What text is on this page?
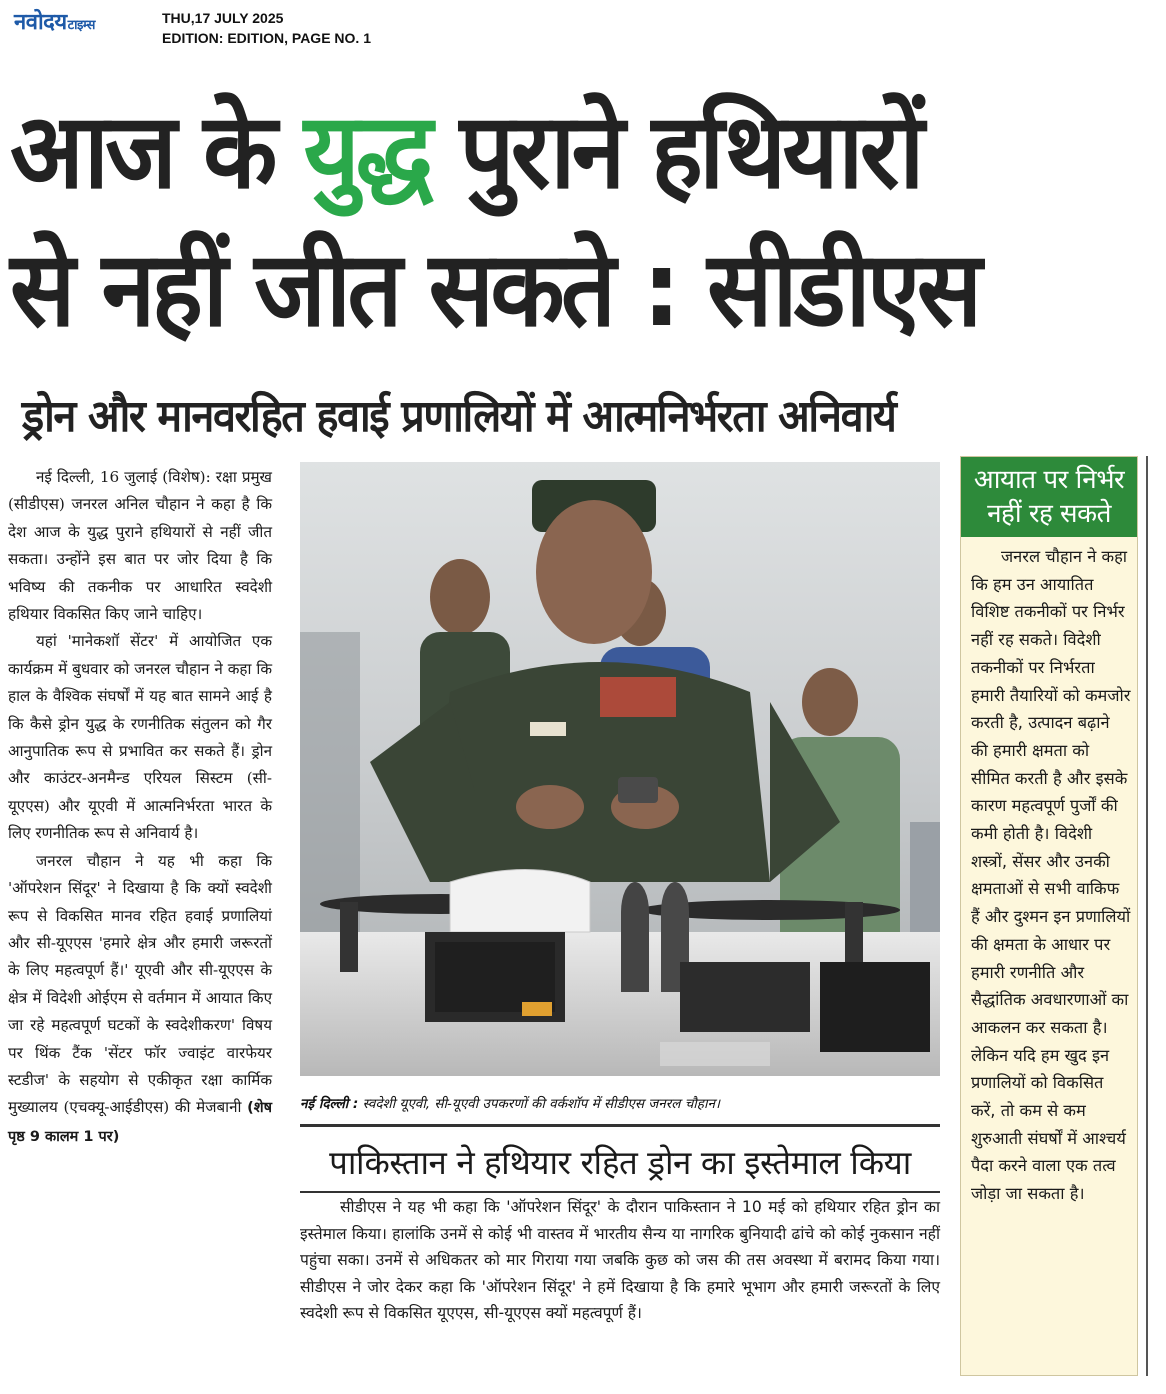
नवोदयटाइम्स	THU,17 JULY 2025
EDITION: EDITION, PAGE NO. 1
आज के युद्ध पुराने हथियारों
से नहीं जीत सकते : सीडीएस
ड्रोन और मानवरहित हवाई प्रणालियों में आत्मनिर्भरता अनिवार्य

नई दिल्ली, 16 जुलाई (विशेष): रक्षा प्रमुख (सीडीएस) जनरल अनिल चौहान ने कहा है कि देश आज के युद्ध पुराने हथियारों से नहीं जीत सकता। उन्होंने इस बात पर जोर दिया है कि भविष्य की तकनीक पर आधारित स्वदेशी हथियार विकसित किए जाने चाहिए।

यहां 'मानेकशॉ सेंटर' में आयोजित एक कार्यक्रम में बुधवार को जनरल चौहान ने कहा कि हाल के वैश्विक संघर्षों में यह बात सामने आई है कि कैसे ड्रोन युद्ध के रणनीतिक संतुलन को गैर आनुपातिक रूप से प्रभावित कर सकते हैं। ड्रोन और काउंटर-अनमैन्ड एरियल सिस्टम (सी-यूएएस) और यूएवी में आत्मनिर्भरता भारत के लिए रणनीतिक रूप से अनिवार्य है।

जनरल चौहान ने यह भी कहा कि 'ऑपरेशन सिंदूर' ने दिखाया है कि क्यों स्वदेशी रूप से विकसित मानव रहित हवाई प्रणालियां और सी-यूएएस 'हमारे क्षेत्र और हमारी जरूरतों के लिए महत्वपूर्ण हैं।' यूएवी और सी-यूएएस के क्षेत्र में विदेशी ओईएम से वर्तमान में आयात किए जा रहे महत्वपूर्ण घटकों के स्वदेशीकरण' विषय पर थिंक टैंक 'सेंटर फॉर ज्वाइंट वारफेयर स्टडीज' के सहयोग से एकीकृत रक्षा कार्मिक मुख्यालय (एचक्यू-आईडीएस) की मेजबानी (शेष पृष्ठ 9 कालम 1 पर)

नई दिल्ली : स्वदेशी यूएवी, सी-यूएवी उपकरणों की वर्कशॉप में सीडीएस जनरल चौहान।
पाकिस्तान ने हथियार रहित ड्रोन का इस्तेमाल किया

सीडीएस ने यह भी कहा कि 'ऑपरेशन सिंदूर' के दौरान पाकिस्तान ने 10 मई को हथियार रहित ड्रोन का इस्तेमाल किया। हालांकि उनमें से कोई भी वास्तव में भारतीय सैन्य या नागरिक बुनियादी ढांचे को कोई नुकसान नहीं पहुंचा सका। उनमें से अधिकतर को मार गिराया गया जबकि कुछ को जस की तस अवस्था में बरामद किया गया। सीडीएस ने जोर देकर कहा कि 'ऑपरेशन सिंदूर' ने हमें दिखाया है कि हमारे भूभाग और हमारी जरूरतों के लिए स्वदेशी रूप से विकसित यूएएस, सी-यूएएस क्यों महत्वपूर्ण हैं।

आयात पर निर्भर
नहीं रह सकते

जनरल चौहान ने कहा कि हम उन आयातित विशिष्ट तकनीकों पर निर्भर नहीं रह सकते। विदेशी तकनीकों पर निर्भरता हमारी तैयारियों को कमजोर करती है, उत्पादन बढ़ाने की हमारी क्षमता को सीमित करती है और इसके कारण महत्वपूर्ण पुर्जों की कमी होती है। विदेशी शस्त्रों, सेंसर और उनकी क्षमताओं से सभी वाकिफ हैं और दुश्मन इन प्रणालियों की क्षमता के आधार पर हमारी रणनीति और सैद्धांतिक अवधारणाओं का आकलन कर सकता है। लेकिन यदि हम खुद इन प्रणालियों को विकसित करें, तो कम से कम शुरुआती संघर्षों में आश्चर्य पैदा करने वाला एक तत्व जोड़ा जा सकता है।
